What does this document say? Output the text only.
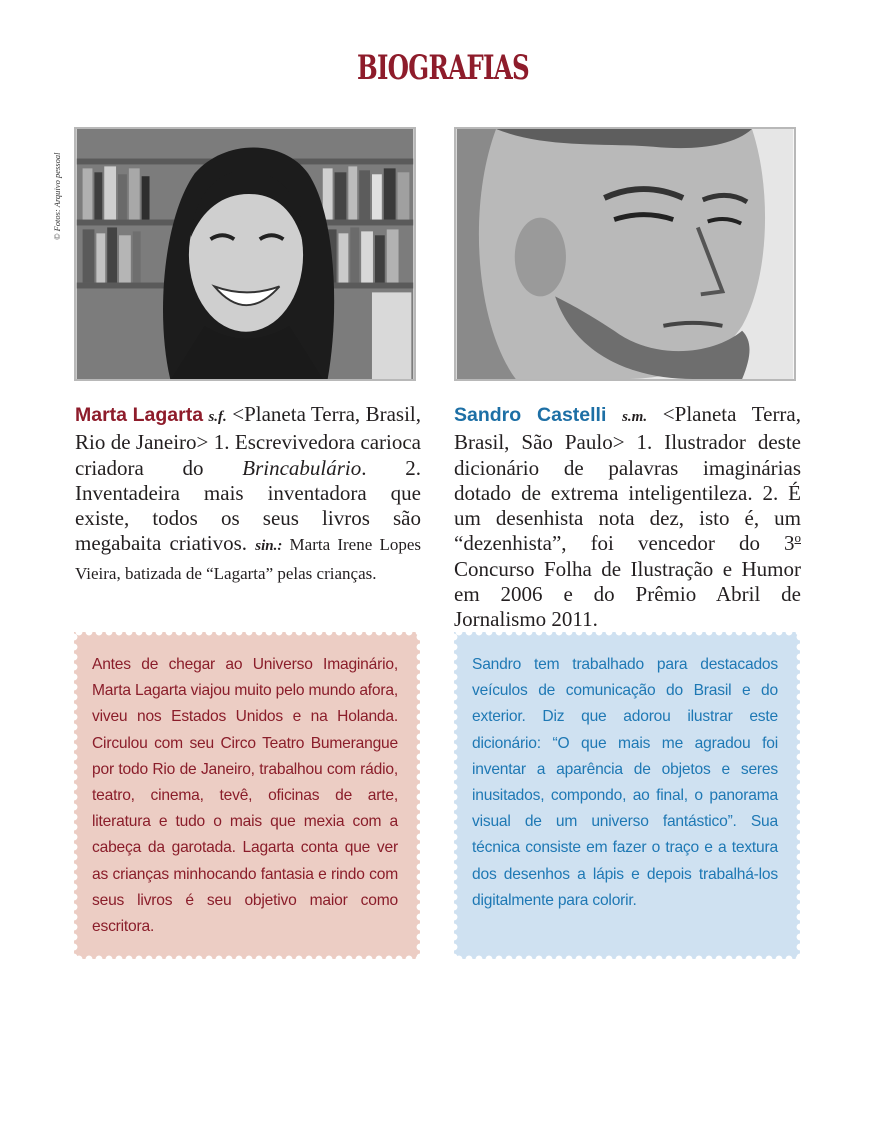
BIOGRAFIAS
© Fotos: Arquivo pessoal
Marta Lagarta s.f. <Planeta Terra, Brasil, Rio de Janeiro> 1. Escrevivedora carioca criadora do Brincabulário. 2. Inventadeira mais inventadora que existe, todos os seus livros são megabaita criativos. sin.: Marta Irene Lopes Vieira, batizada de “Lagarta” pelas crianças.
Sandro Castelli s.m. <Planeta Terra, Brasil, São Paulo> 1. Ilustrador deste dicionário de palavras imaginárias dotado de extrema inteligentileza. 2. É um desenhista nota dez, isto é, um “dezenhista”, foi vencedor do 3$^o$ Concurso Folha de Ilustração e Humor em 2006 e do Prêmio Abril de Jornalismo 2011.

Antes de chegar ao Universo Imaginário, Marta Lagarta viajou muito pelo mundo afora, viveu nos Estados Unidos e na Holanda. Circulou com seu Circo Teatro Bumerangue por todo Rio de Janeiro, trabalhou com rádio, teatro, cinema, tevê, oficinas de arte, literatura e tudo o mais que mexia com a cabeça da garotada. Lagarta conta que ver as crianças minhocando fantasia e rindo com seus livros é seu objetivo maior como escritora.

Sandro tem trabalhado para destacados veículos de comunicação do Brasil e do exterior. Diz que adorou ilustrar este dicionário: “O que mais me agradou foi inventar a aparência de objetos e seres inusitados, compondo, ao final, o panorama visual de um universo fantástico”. Sua técnica consiste em fazer o traço e a textura dos desenhos a lápis e depois trabalhá-los digitalmente para colorir.
